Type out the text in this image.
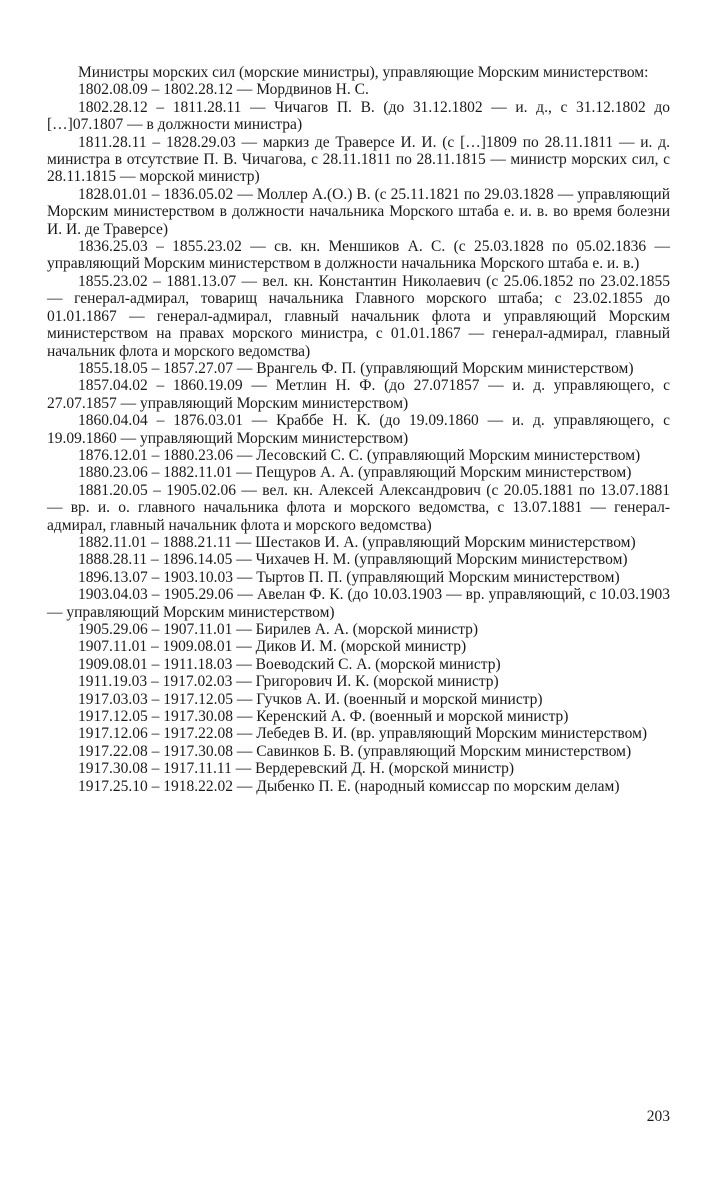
Министры морских сил (морские министры), управляющие Морским министерством:

1802.08.09 – 1802.28.12 — Мордвинов Н. С.

1802.28.12 – 1811.28.11 — Чичагов П. В. (до 31.12.1802 — и. д., с 31.12.1802 до […]07.1807 — в должности министра)

1811.28.11 – 1828.29.03 — маркиз де Траверсе И. И. (с […]1809 по 28.11.1811 — и. д. министра в отсутствие П. В. Чичагова, с 28.11.1811 по 28.11.1815 — министр морских сил, с 28.11.1815 — морской министр)

1828.01.01 – 1836.05.02 — Моллер А.(О.) В. (с 25.11.1821 по 29.03.1828 — управляющий Морским министерством в должности начальника Морского штаба е. и. в. во время болезни И. И. де Траверсе)

1836.25.03 – 1855.23.02 — св. кн. Меншиков А. С. (с 25.03.1828 по 05.02.1836 — управляющий Морским министерством в должности начальника Морского штаба е. и. в.)

1855.23.02 – 1881.13.07 — вел. кн. Константин Николаевич (с 25.06.1852 по 23.02.1855 — генерал-адмирал, товарищ начальника Главного морского штаба; с 23.02.1855 до 01.01.1867 — генерал-адмирал, главный начальник флота и управляющий Морским министерством на правах морского министра, с 01.01.1867 — генерал-адмирал, главный начальник флота и морского ведомства)

1855.18.05 – 1857.27.07 — Врангель Ф. П. (управляющий Морским министерством)

1857.04.02 – 1860.19.09 — Метлин Н. Ф. (до 27.071857 — и. д. управляющего, с 27.07.1857 — управляющий Морским министерством)

1860.04.04 – 1876.03.01 — Краббе Н. К. (до 19.09.1860 — и. д. управляющего, с 19.09.1860 — управляющий Морским министерством)

1876.12.01 – 1880.23.06 — Лесовский С. С. (управляющий Морским министерством)

1880.23.06 – 1882.11.01 — Пещуров А. А. (управляющий Морским министерством)

1881.20.05 – 1905.02.06 — вел. кн. Алексей Александрович (с 20.05.1881 по 13.07.1881 — вр. и. о. главного начальника флота и морского ведомства, с 13.07.1881 — генерал-адмирал, главный начальник флота и морского ведомства)

1882.11.01 – 1888.21.11 — Шестаков И. А. (управляющий Морским министерством)

1888.28.11 – 1896.14.05 — Чихачев Н. М. (управляющий Морским министерством)

1896.13.07 – 1903.10.03 — Тыртов П. П. (управляющий Морским министерством)

1903.04.03 – 1905.29.06 — Авелан Ф. К. (до 10.03.1903 — вр. управляющий, с 10.03.1903 — управляющий Морским министерством)

1905.29.06 – 1907.11.01 — Бирилев А. А. (морской министр)

1907.11.01 – 1909.08.01 — Диков И. М. (морской министр)

1909.08.01 – 1911.18.03 — Воеводский С. А. (морской министр)

1911.19.03 – 1917.02.03 — Григорович И. К. (морской министр)

1917.03.03 – 1917.12.05 — Гучков А. И. (военный и морской министр)

1917.12.05 – 1917.30.08 — Керенский А. Ф. (военный и морской министр)

1917.12.06 – 1917.22.08 — Лебедев В. И. (вр. управляющий Морским министерством)

1917.22.08 – 1917.30.08 — Савинков Б. В. (управляющий Морским министерством)

1917.30.08 – 1917.11.11 — Вердеревский Д. Н. (морской министр)

1917.25.10 – 1918.22.02 — Дыбенко П. Е. (народный комиссар по морским делам)

203
